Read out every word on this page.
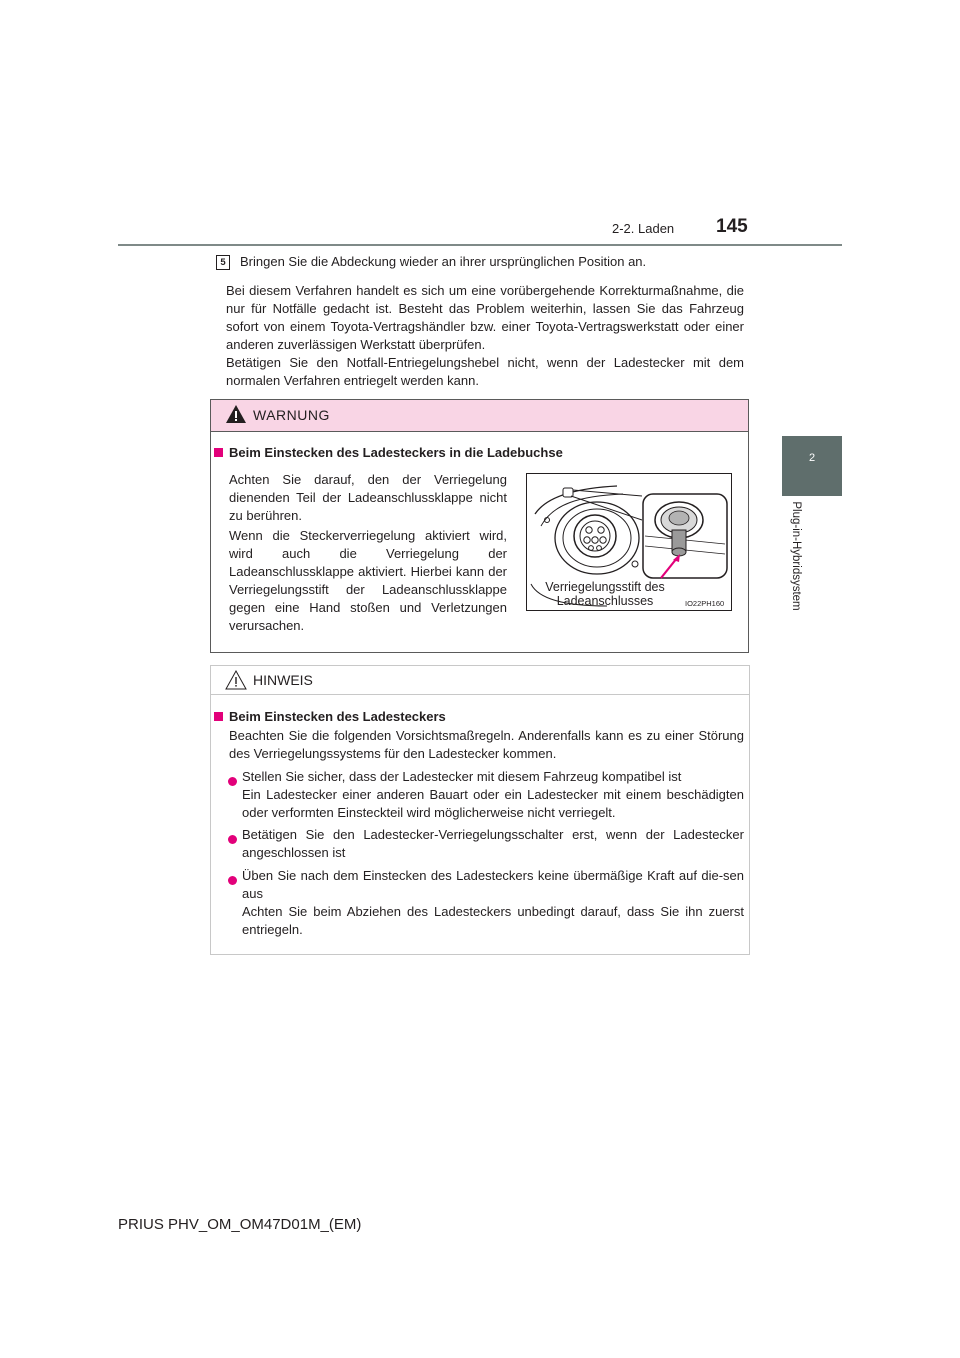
2-2. Laden 145
2
Plug-in-Hybridsystem
5	Bringen Sie die Abdeckung wieder an ihrer ursprünglichen Position an.
Bei diesem Verfahren handelt es sich um eine vorübergehende Korrekturmaßnahme, die nur für Notfälle gedacht ist. Besteht das Problem weiterhin, lassen Sie das Fahrzeug sofort von einem Toyota-Vertragshändler bzw. einer Toyota-Vertragswerkstatt oder einer anderen zuverlässigen Werkstatt überprüfen.
Betätigen Sie den Notfall-Entriegelungshebel nicht, wenn der Ladestecker mit dem normalen Verfahren entriegelt werden kann.
WARNUNG
Beim Einstecken des Ladesteckers in die Ladebuchse
Achten Sie darauf, den der Verriegelung dienenden Teil der Ladeanschlussklappe nicht zu berühren.
Wenn die Steckerverriegelung aktiviert wird, wird auch die Verriegelung der Ladeanschlussklappe aktiviert. Hierbei kann der Verriegelungsstift der Ladeanschlussklappe gegen eine Hand stoßen und Verletzungen verursachen.
Verriegelungsstift des
Ladeanschlusses	IO22PH160
HINWEIS
Beim Einstecken des Ladesteckers
Beachten Sie die folgenden Vorsichtsmaßregeln. Anderenfalls kann es zu einer Störung des Verriegelungssystems für den Ladestecker kommen.
Stellen Sie sicher, dass der Ladestecker mit diesem Fahrzeug kompatibel ist
Ein Ladestecker einer anderen Bauart oder ein Ladestecker mit einem beschädigten oder verformten Einsteckteil wird möglicherweise nicht verriegelt.
Betätigen Sie den Ladestecker-Verriegelungsschalter erst, wenn der Ladestecker angeschlossen ist
Üben Sie nach dem Einstecken des Ladesteckers keine übermäßige Kraft auf die-sen aus
Achten Sie beim Abziehen des Ladesteckers unbedingt darauf, dass Sie ihn zuerst entriegeln.
PRIUS PHV_OM_OM47D01M_(EM)
